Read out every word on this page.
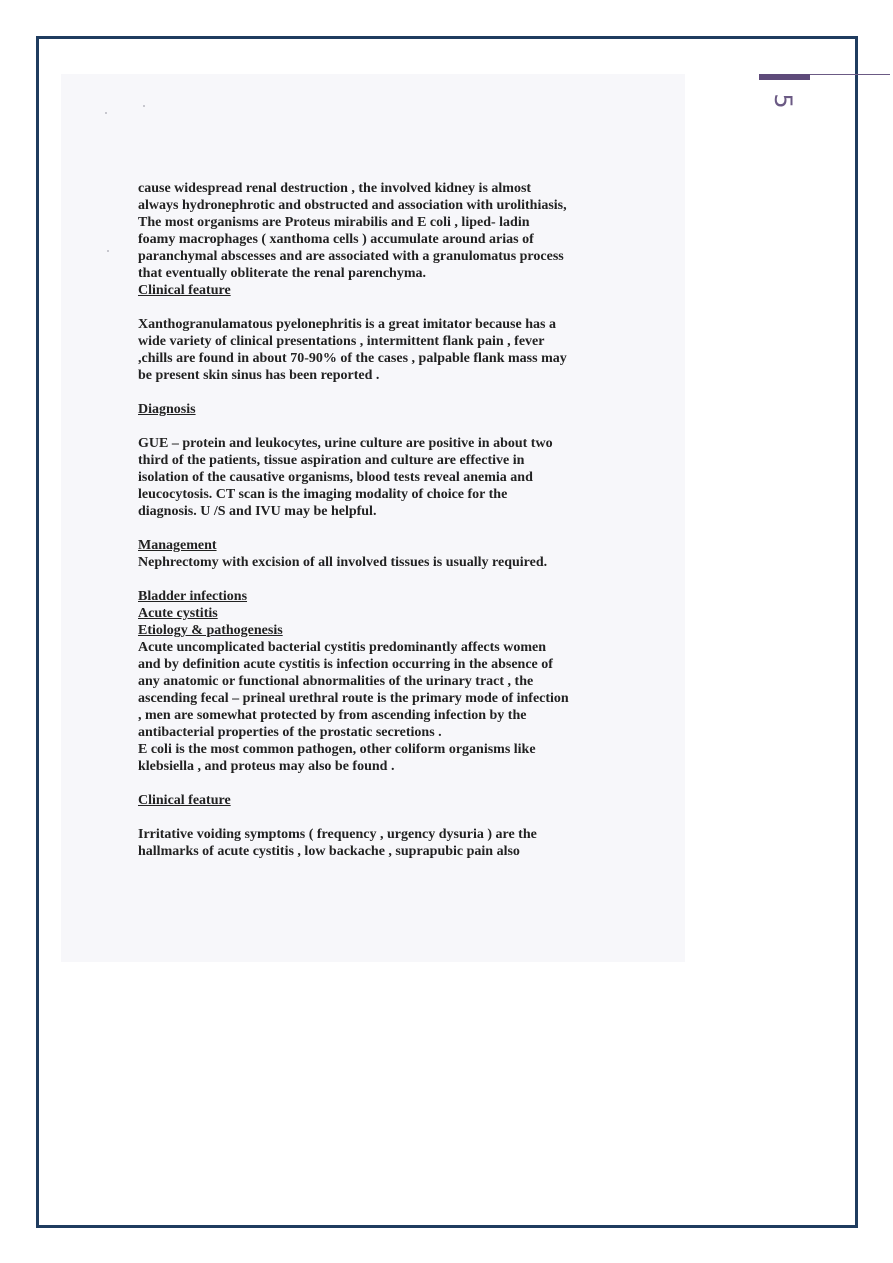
5
cause widespread renal destruction , the involved kidney is almost
always hydronephrotic and obstructed and association with urolithiasis,
The most organisms are Proteus mirabilis and E coli , liped- ladin
foamy macrophages ( xanthoma cells ) accumulate around arias of
paranchymal abscesses and are associated with a granulomatus process
that eventually obliterate the renal parenchyma.
Clinical feature
Xanthogranulamatous pyelonephritis is a great imitator because has a
wide variety of clinical presentations , intermittent flank pain , fever
,chills are found in about 70-90% of the cases , palpable flank mass may
be present skin sinus has been reported .
Diagnosis
GUE – protein and leukocytes, urine culture are positive in about two
third of the patients, tissue aspiration and culture are effective in
isolation of the causative organisms, blood tests reveal anemia and
leucocytosis. CT scan is the imaging modality of choice for the
diagnosis. U /S and IVU may be helpful.
Management
Nephrectomy with excision of all involved tissues is usually required.
Bladder infections
Acute cystitis
Etiology & pathogenesis
Acute uncomplicated bacterial cystitis predominantly affects women
and by definition acute cystitis is infection occurring in the absence of
any anatomic or functional abnormalities of the urinary tract , the
ascending fecal – prineal urethral route is the primary mode of infection
, men are somewhat protected by from ascending infection by the
antibacterial properties of the prostatic secretions .
E coli is the most common pathogen, other coliform organisms like
klebsiella , and proteus may also be found .
Clinical feature
Irritative voiding symptoms ( frequency , urgency dysuria ) are the
hallmarks of acute cystitis , low backache , suprapubic pain also
